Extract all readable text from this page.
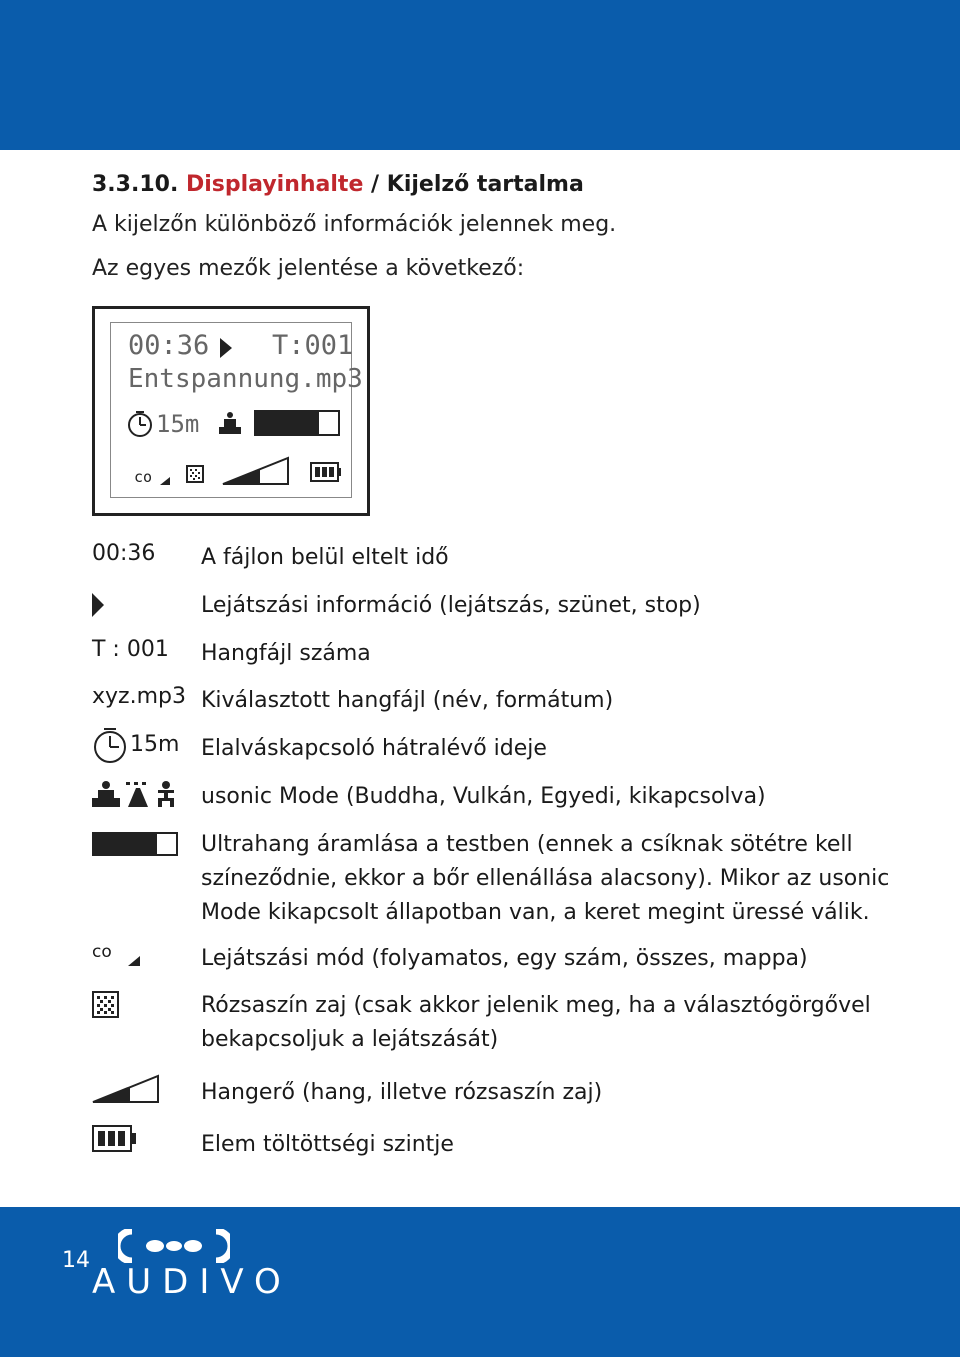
3.3.10. Displayinhalte / Kijelző tartalma
A kijelzőn különböző információk jelennek meg.
Az egyes mezők jelentése a következő:
00:36 T:001
Entspannung.mp3
15m
co
00:36 A fájlon belül eltelt idő
Lejátszási információ (lejátszás, szünet, stop)
T : 001 Hangfájl száma
xyz.mp3 Kiválasztott hangfájl (név, formátum)
15m Elalváskapcsoló hátralévő ideje
usonic Mode (Buddha, Vulkán, Egyedi, kikapcsolva)
Ultrahang áramlása a testben (ennek a csíknak sötétre kell színeződnie, ekkor a bőr ellenállása alacsony). Mikor az usonic Mode kikapcsolt állapotban van, a keret megint üressé válik.
co	Lejátszási mód (folyamatos, egy szám, összes, mappa)
Rózsaszín zaj (csak akkor jelenik meg, ha a választógörgővel bekapcsoljuk a lejátszását)
Hangerő (hang, illetve rózsaszín zaj)
Elem töltöttségi szintje
14
AUDIVO
